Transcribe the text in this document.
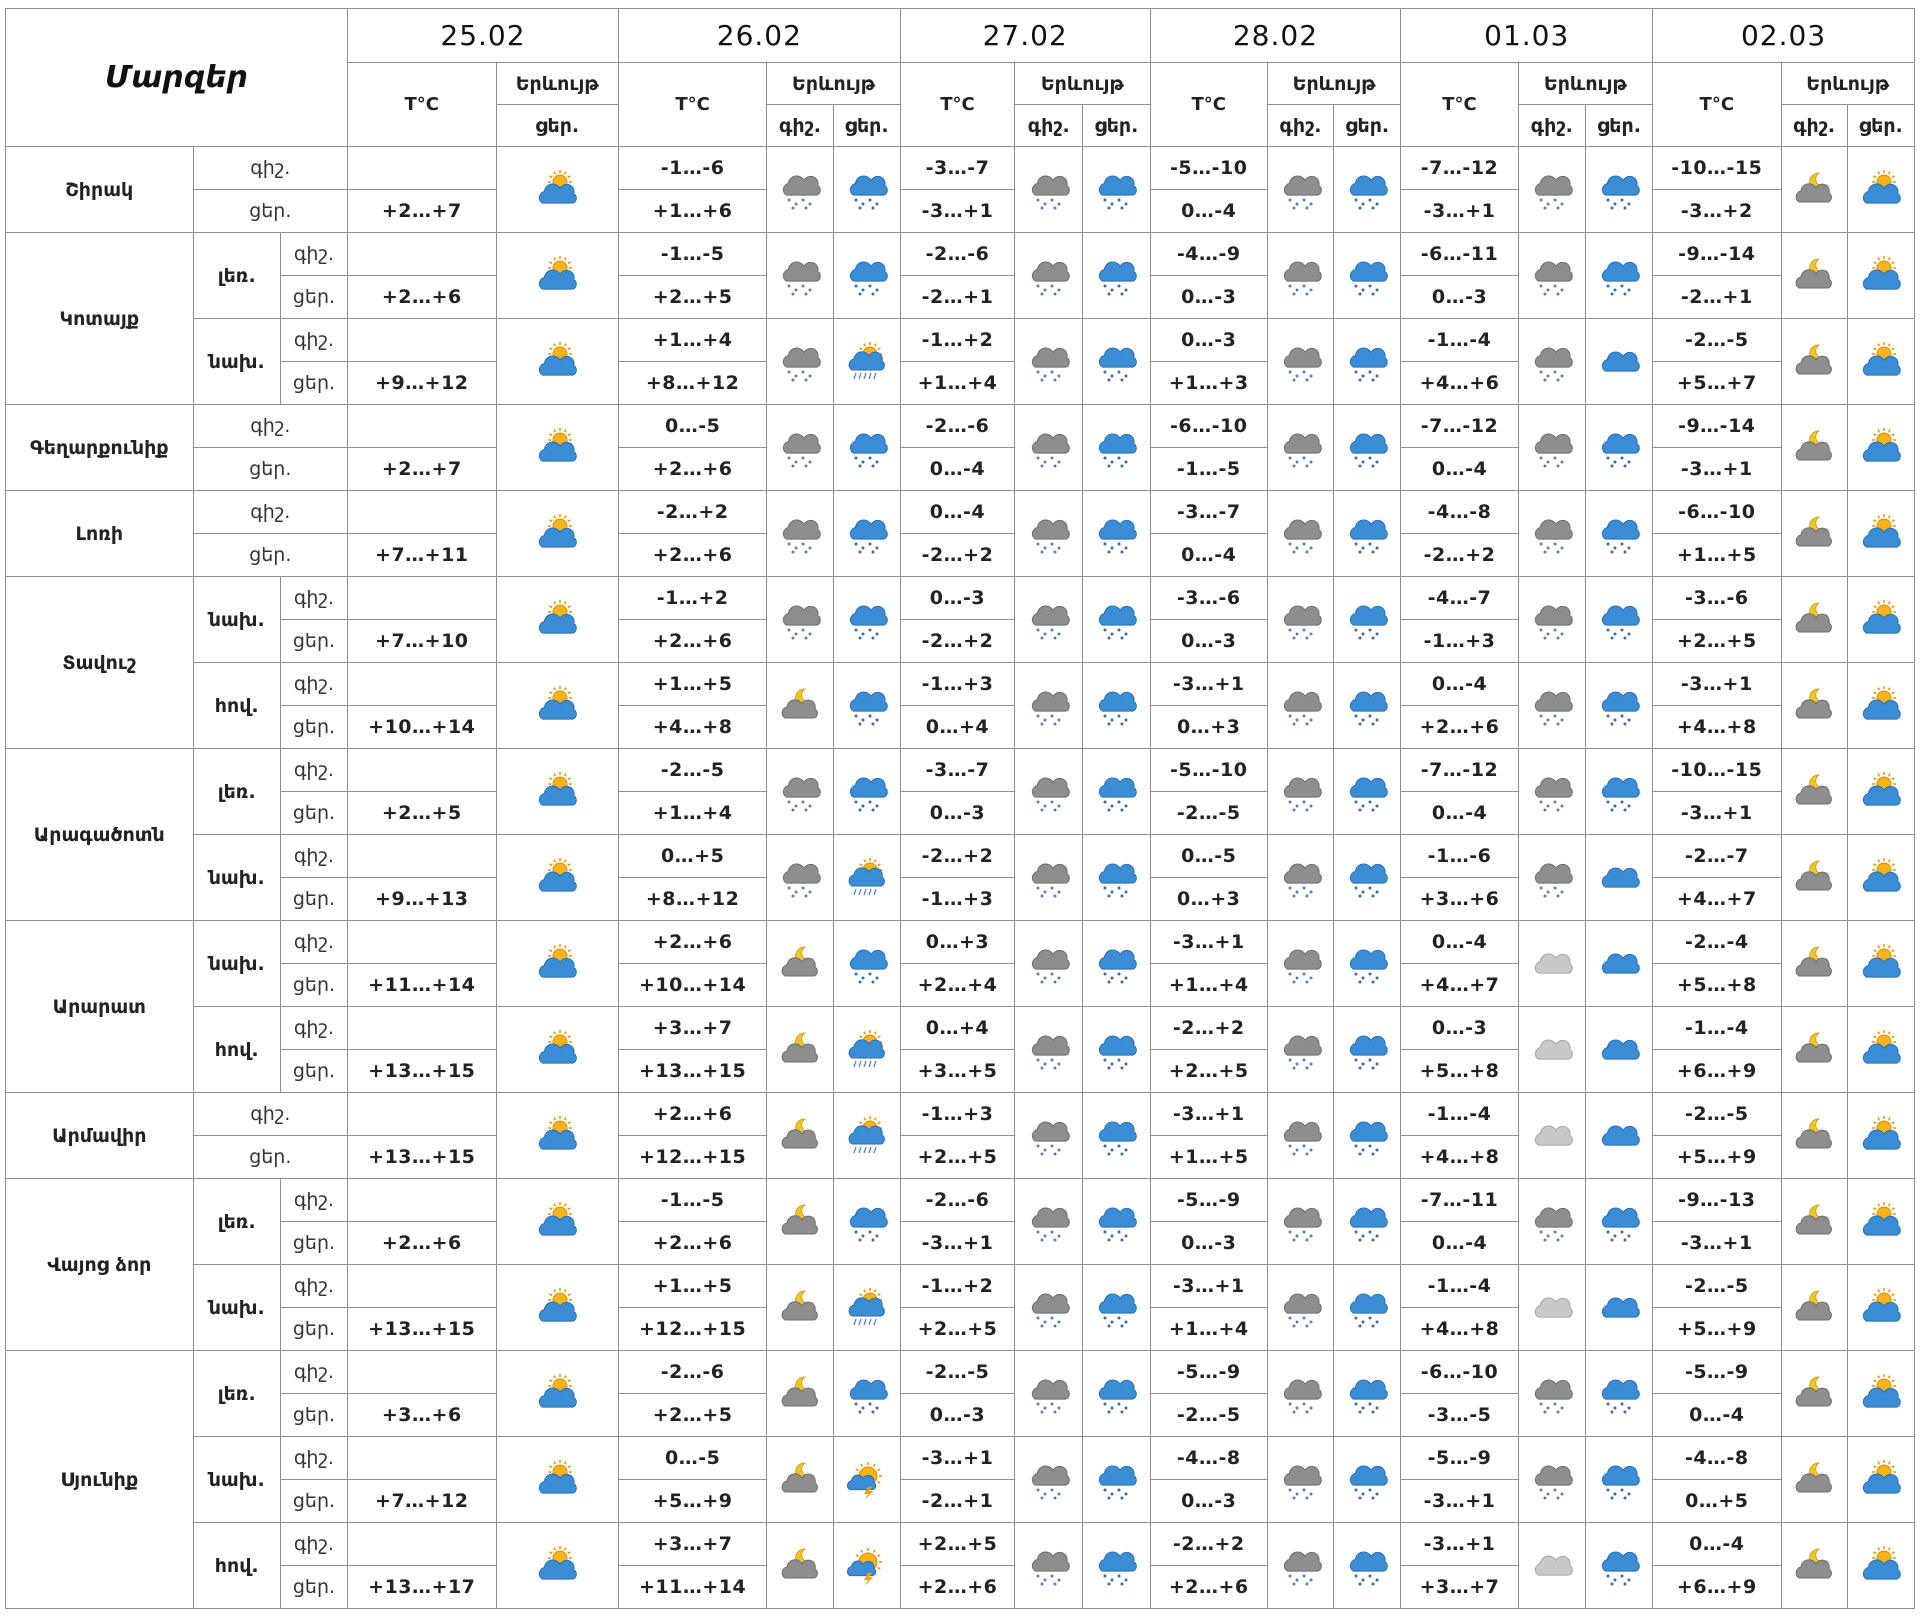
Մարզեր			25.02		26.02			27.02			28.02			01.03			02.03		
			T°C	Երևույթ	T°C	Երևույթ		T°C	Երևույթ		T°C	Երևույթ		T°C	Երևույթ		T°C	Երևույթ	
				ցեր.		գիշ.	ցեր.		գիշ.	ցեր.		գիշ.	ցեր.		գիշ.	ցեր.		գիշ.	ցեր.
Շիրակ	գիշ.				-1…-6			-3…-7			-5…-10			-7…-12			-10…-15	

	ցեր.		+2…+7		+1…+6			-3…+1			0…-4			-3…+1			-3…+2		
Կոտայք	լեռ.	գիշ.			-1…-5			-2…-6			-4…-9			-6…-11			-9…-14	

		ցեր.	+2…+6		+2…+5			-2…+1			0…-3			0…-3			-2…+1		
	նախ.	գիշ.			+1…+4			-1…+2			0…-3			-1…-4			-2…-5	

		ցեր.	+9…+12		+8…+12			+1…+4			+1…+3			+4…+6			+5…+7		
Գեղարքունիք	գիշ.				0…-5			-2…-6			-6…-10			-7…-12			-9…-14	

	ցեր.		+2…+7		+2…+6			0…-4			-1…-5			0…-4			-3…+1		
Լոռի	գիշ.				-2…+2			0…-4			-3…-7			-4…-8			-6…-10	

	ցեր.		+7…+11		+2…+6			-2…+2			0…-4			-2…+2			+1…+5		
Տավուշ	նախ.	գիշ.			-1…+2			0…-3			-3…-6			-4…-7			-3…-6	

		ցեր.	+7…+10		+2…+6			-2…+2			0…-3			-1…+3			+2…+5		
	հով.	գիշ.			+1…+5			-1…+3			-3…+1			0…-4			-3…+1	

		ցեր.	+10…+14		+4…+8			0…+4			0…+3			+2…+6			+4…+8		
Արագածոտն	լեռ.	գիշ.			-2…-5			-3…-7			-5…-10			-7…-12			-10…-15	

		ցեր.	+2…+5		+1…+4			0…-3			-2…-5			0…-4			-3…+1		
	նախ.	գիշ.			0…+5			-2…+2			0…-5			-1…-6			-2…-7	

		ցեր.	+9…+13		+8…+12			-1…+3			0…+3			+3…+6			+4…+7		
Արարատ	նախ.	գիշ.			+2…+6			0…+3			-3…+1			0…-4			-2…-4	

		ցեր.	+11…+14		+10…+14			+2…+4			+1…+4			+4…+7			+5…+8		
	հով.	գիշ.			+3…+7			0…+4			-2…+2			0…-3			-1…-4	

		ցեր.	+13…+15		+13…+15			+3…+5			+2…+5			+5…+8			+6…+9		
Արմավիր	գիշ.				+2…+6			-1…+3			-3…+1			-1…-4			-2…-5	

	ցեր.		+13…+15		+12…+15			+2…+5			+1…+5			+4…+8			+5…+9		
Վայոց ձոր	լեռ.	գիշ.			-1…-5			-2…-6			-5…-9			-7…-11			-9…-13	

		ցեր.	+2…+6		+2…+6			-3…+1			0…-3			0…-4			-3…+1		
	նախ.	գիշ.			+1…+5			-1…+2			-3…+1			-1…-4			-2…-5	

		ցեր.	+13…+15		+12…+15			+2…+5			+1…+4			+4…+8			+5…+9		
Սյունիք	լեռ.	գիշ.			-2…-6			-2…-5			-5…-9			-6…-10			-5…-9	

		ցեր.	+3…+6		+2…+5			0…-3			-2…-5			-3…-5			0…-4		
	նախ.	գիշ.			0…-5			-3…+1			-4…-8			-5…-9			-4…-8	

		ցեր.	+7…+12		+5…+9			-2…+1			0…-3			-3…+1			0…+5		
	հով.	գիշ.			+3…+7			+2…+5			-2…+2			-3…+1			0…-4	

		ցեր.	+13…+17		+11…+14			+2…+6			+2…+6			+3…+7			+6…+9		
